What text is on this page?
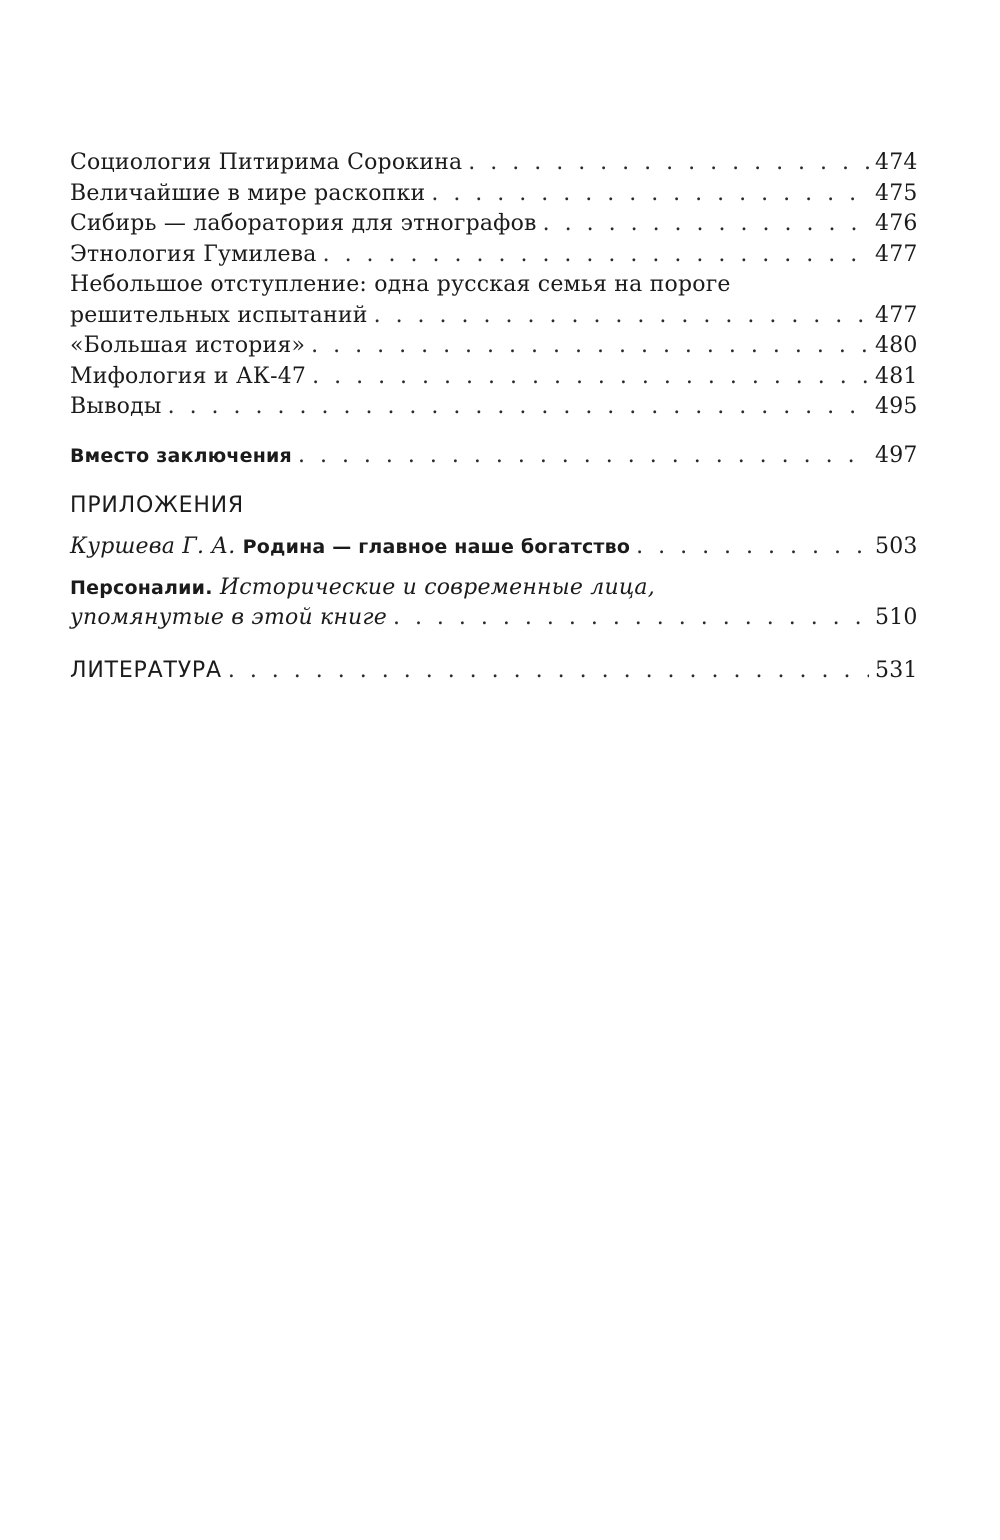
Социология Питирима Сорокина . . .	474
Величайшие в мире раскопки . . .	475
Сибирь — лаборатория для этнографов . . .	476
Этнология Гумилева . . .	477
Небольшое отступление: одна русская семья на пороге
решительных испытаний . . .	477
«Большая история» . . .	480
Мифология и АК-47 . . .	481
Выводы . . .	495
Вместо заключения . . .	497
ПРИЛОЖЕНИЯ
Куршева Г. А. Родина — главное наше богатство . . .	503
Персоналии. Исторические и современные лица,
упомянутые в этой книге . . .	510
ЛИТЕРАТУРА . . .	531
